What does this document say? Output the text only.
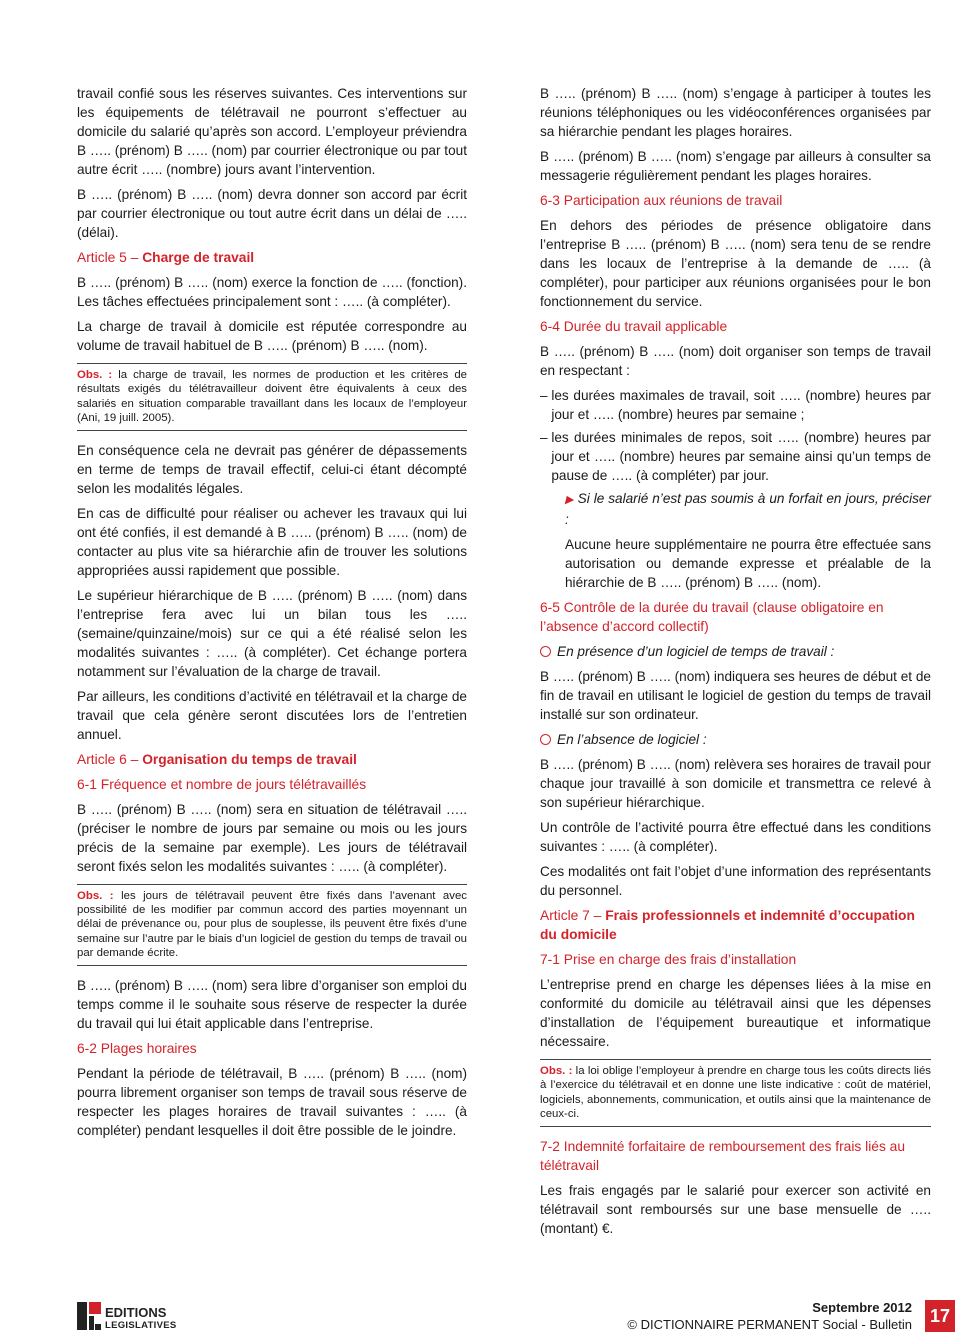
travail confié sous les réserves suivantes. Ces interventions sur les équipements de télétravail ne pourront s’effectuer au domicile du salarié qu’après son accord. L’employeur préviendra B ….. (prénom) B ….. (nom) par courrier électronique ou par tout autre écrit ….. (nombre) jours avant l’intervention.

B ….. (prénom) B ….. (nom) devra donner son accord par écrit par courrier électronique ou tout autre écrit dans un délai de ….. (délai).

Article 5 – Charge de travail

B ….. (prénom) B ….. (nom) exerce la fonction de ….. (fonction). Les tâches effectuées principalement sont : ….. (à compléter).

La charge de travail à domicile est réputée correspondre au volume de travail habituel de B ….. (prénom) B ….. (nom).

Obs. : la charge de travail, les normes de production et les critères de résultats exigés du télétravailleur doivent être équivalents à ceux des salariés en situation comparable travaillant dans les locaux de l’employeur (Ani, 19 juill. 2005).

En conséquence cela ne devrait pas générer de dépassements en terme de temps de travail effectif, celui-ci étant décompté selon les modalités légales.

En cas de difficulté pour réaliser ou achever les travaux qui lui ont été confiés, il est demandé à B ….. (prénom) B ….. (nom) de contacter au plus vite sa hiérarchie afin de trouver les solutions appropriées aussi rapidement que possible.

Le supérieur hiérarchique de B ….. (prénom) B ….. (nom) dans l’entreprise fera avec lui un bilan tous les ….. (semaine/quinzaine/mois) sur ce qui a été réalisé selon les modalités suivantes : ….. (à compléter). Cet échange portera notamment sur l’évaluation de la charge de travail.

Par ailleurs, les conditions d’activité en télétravail et la charge de travail que cela génère seront discutées lors de l’entretien annuel.

Article 6 – Organisation du temps de travail
6-1 Fréquence et nombre de jours télétravaillés

B ….. (prénom) B ….. (nom) sera en situation de télétravail ….. (préciser le nombre de jours par semaine ou mois ou les jours précis de la semaine par exemple). Les jours de télétravail seront fixés selon les modalités suivantes : ….. (à compléter).

Obs. : les jours de télétravail peuvent être fixés dans l’avenant avec possibilité de les modifier par commun accord des parties moyennant un délai de prévenance ou, pour plus de souplesse, ils peuvent être fixés d’une semaine sur l’autre par le biais d’un logiciel de gestion du temps de travail ou par demande écrite.

B ….. (prénom) B ….. (nom) sera libre d’organiser son emploi du temps comme il le souhaite sous réserve de respecter la durée du travail qui lui était applicable dans l’entreprise.

6-2 Plages horaires

Pendant la période de télétravail, B ….. (prénom) B ….. (nom) pourra librement organiser son temps de travail sous réserve de respecter les plages horaires de travail suivantes : ….. (à compléter) pendant lesquelles il doit être possible de le joindre.

B ….. (prénom) B ….. (nom) s’engage à participer à toutes les réunions téléphoniques ou les vidéoconférences organisées par sa hiérarchie pendant les plages horaires.

B ….. (prénom) B ….. (nom) s’engage par ailleurs à consulter sa messagerie régulièrement pendant les plages horaires.

6-3 Participation aux réunions de travail

En dehors des périodes de présence obligatoire dans l’entreprise B ….. (prénom) B ….. (nom) sera tenu de se rendre dans les locaux de l’entreprise à la demande de ….. (à compléter), pour participer aux réunions organisées pour le bon fonctionnement du service.

6-4 Durée du travail applicable

B ….. (prénom) B ….. (nom) doit organiser son temps de travail en respectant :

–
les durées maximales de travail, soit ….. (nombre) heures par jour et ….. (nombre) heures par semaine ;

–
les durées minimales de repos, soit ….. (nombre) heures par jour et ….. (nombre) heures par semaine ainsi qu’un temps de pause de ….. (à compléter) par jour.

▶ Si le salarié n’est pas soumis à un forfait en jours, préciser :

Aucune heure supplémentaire ne pourra être effectuée sans autorisation ou demande expresse et préalable de la hiérarchie de B ….. (prénom) B ….. (nom).

6-5 Contrôle de la durée du travail (clause obligatoire en l’absence d’accord collectif)

En présence d’un logiciel de temps de travail :

B ….. (prénom) B ….. (nom) indiquera ses heures de début et de fin de travail en utilisant le logiciel de gestion du temps de travail installé sur son ordinateur.

En l’absence de logiciel :

B ….. (prénom) B ….. (nom) relèvera ses horaires de travail pour chaque jour travaillé à son domicile et transmettra ce relevé à son supérieur hiérarchique.

Un contrôle de l’activité pourra être effectué dans les conditions suivantes : ….. (à compléter).

Ces modalités ont fait l’objet d’une information des représentants du personnel.

Article 7 – Frais professionnels et indemnité d’occupation du domicile
7-1 Prise en charge des frais d’installation

L’entreprise prend en charge les dépenses liées à la mise en conformité du domicile au télétravail ainsi que les dépenses d’installation de l’équipement bureautique et informatique nécessaire.

Obs. : la loi oblige l’employeur à prendre en charge tous les coûts directs liés à l’exercice du télétravail et en donne une liste indicative : coût de matériel, logiciels, abonnements, communication, et outils ainsi que la maintenance de ceux-ci.
7-2 Indemnité forfaitaire de remboursement des frais liés au télétravail

Les frais engagés par le salarié pour exercer son activité en télétravail sont remboursés sur une base mensuelle de ….. (montant) €.

EDITIONS
LEGISLATIVES
Septembre 2012
© DICTIONNAIRE PERMANENT Social - Bulletin 17
